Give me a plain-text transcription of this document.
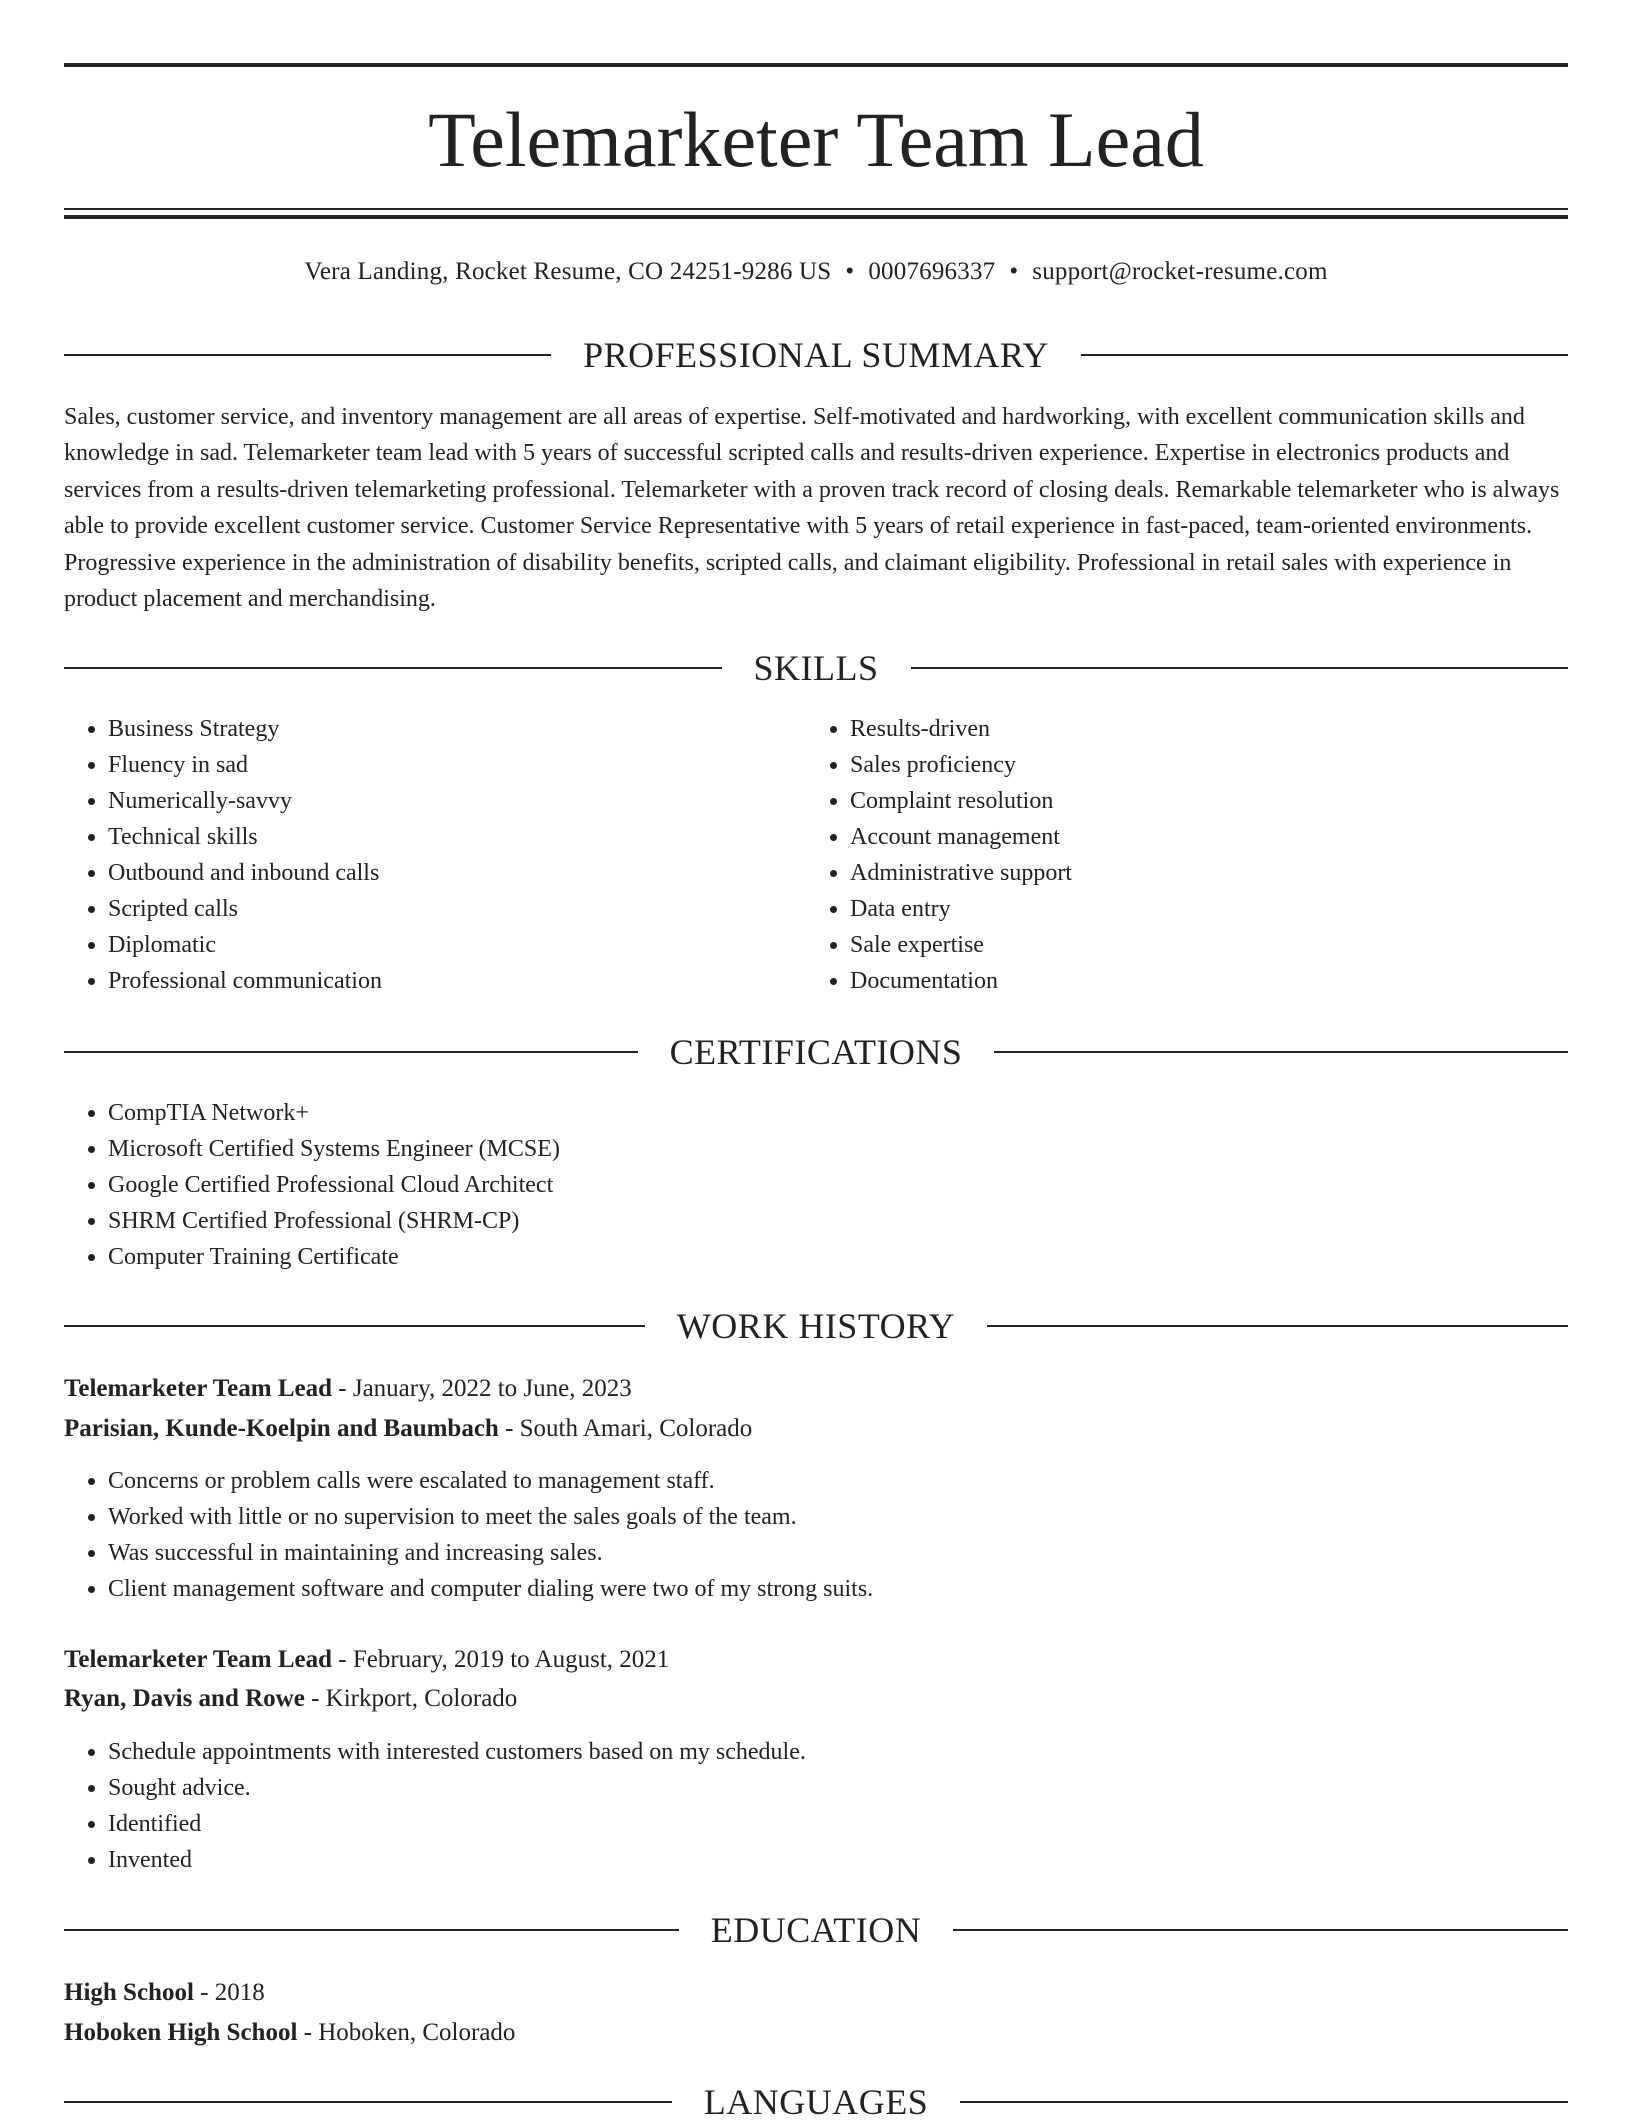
Telemarketer Team Lead
Vera Landing, Rocket Resume, CO 24251-9286 US • 0007696337 • support@rocket-resume.com
PROFESSIONAL SUMMARY

Sales, customer service, and inventory management are all areas of expertise. Self-motivated and hardworking, with excellent communication skills and knowledge in sad. Telemarketer team lead with 5 years of successful scripted calls and results-driven experience. Expertise in electronics products and services from a results-driven telemarketing professional. Telemarketer with a proven track record of closing deals. Remarkable telemarketer who is always able to provide excellent customer service. Customer Service Representative with 5 years of retail experience in fast-paced, team-oriented environments. Progressive experience in the administration of disability benefits, scripted calls, and claimant eligibility. Professional in retail sales with experience in product placement and merchandising.

SKILLS
• Business Strategy
• Fluency in sad
• Numerically-savvy
• Technical skills
• Outbound and inbound calls
• Scripted calls
• Diplomatic
• Professional communication
• Results-driven
• Sales proficiency
• Complaint resolution
• Account management
• Administrative support
• Data entry
• Sale expertise
• Documentation
CERTIFICATIONS
• CompTIA Network+
• Microsoft Certified Systems Engineer (MCSE)
• Google Certified Professional Cloud Architect
• SHRM Certified Professional (SHRM-CP)
• Computer Training Certificate
WORK HISTORY
Telemarketer Team Lead - January, 2022 to June, 2023
Parisian, Kunde-Koelpin and Baumbach - South Amari, Colorado
• Concerns or problem calls were escalated to management staff.
• Worked with little or no supervision to meet the sales goals of the team.
• Was successful in maintaining and increasing sales.
• Client management software and computer dialing were two of my strong suits.
Telemarketer Team Lead - February, 2019 to August, 2021
Ryan, Davis and Rowe - Kirkport, Colorado
• Schedule appointments with interested customers based on my schedule.
• Sought advice.
• Identified
• Invented
EDUCATION
High School - 2018
Hoboken High School - Hoboken, Colorado
LANGUAGES
